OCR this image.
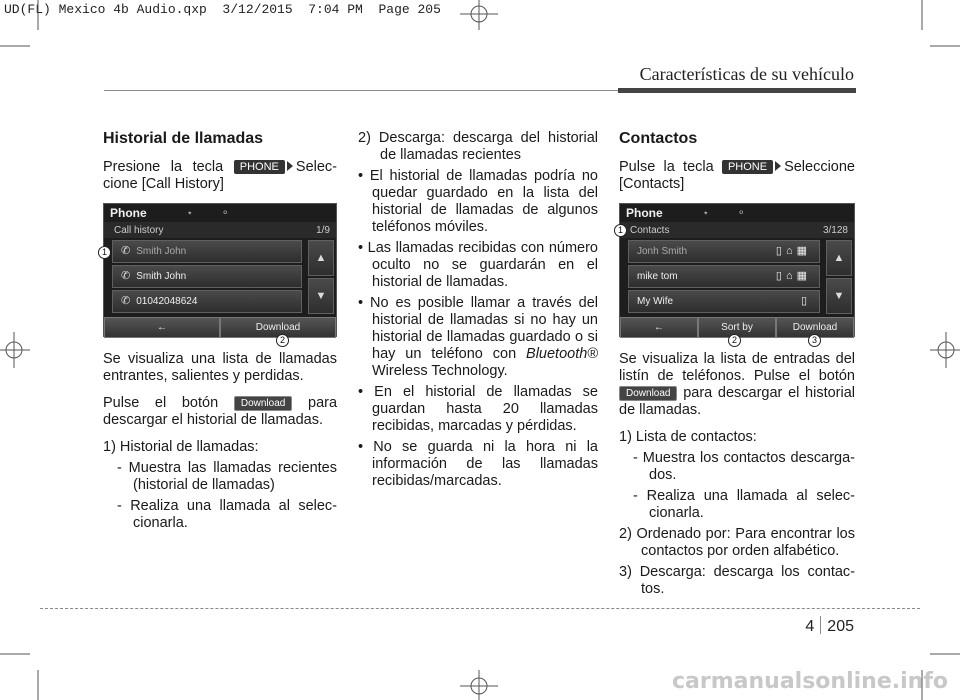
UD(FL) Mexico 4b Audio.qxp  3/12/2015  7:04 PM  Page 205
Características de su vehículo
Historial de llamadas

Presione la tecla PHONE Selec-cione [Call History]

Phone	⋆	⚬
Call history	1/9
✆ Smith John
✆ Smith John
✆ 01042048624
▲
▼
←	Download
1
2

Se visualiza una lista de llamadas entrantes, salientes y perdidas.

Pulse el botón Download para descargar el historial de llamadas.

1) Historial de llamadas:
- Muestra las llamadas recientes (historial de llamadas)
- Realiza una llamada al selec-cionarla.
2) Descarga: descarga del historial de llamadas recientes
• El historial de llamadas podría no quedar guardado en la lista del historial de llamadas de algunos teléfonos móviles.
• Las llamadas recibidas con número oculto no se guardarán en el historial de llamadas.
• No es posible llamar a través del historial de llamadas si no hay un historial de llamadas guardado o si hay un teléfono con Bluetooth® Wireless Technology.
• En el historial de llamadas se guardan hasta 20 llamadas recibidas, marcadas y pérdidas.
• No se guarda ni la hora ni la información de las llamadas recibidas/marcadas.
Contactos

Pulse la tecla PHONE Seleccione [Contacts]

Phone	⋆	⚬
Contacts	3/128
Jonh Smith	▯⌂▦
mike tom	▯⌂▦
My Wife	▯
▲
▼
←	Sort by	Download
1
2	3

Se visualiza la lista de entradas del listín de teléfonos. Pulse el botón Download para descargar el historial de llamadas.

1) Lista de contactos:
- Muestra los contactos descarga-dos.
- Realiza una llamada al selec-cionarla.
2) Ordenado por: Para encontrar los contactos por orden alfabético.
3) Descarga: descarga los contac-tos.
4 205
carmanualsonline.info
